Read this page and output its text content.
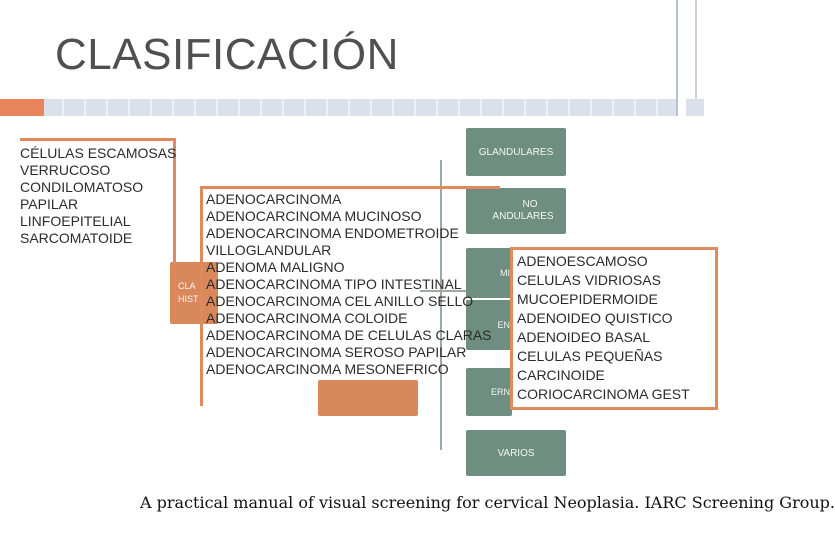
CLASIFICACIÓN
GLANDULARES
NO
ANDULARES
MI
EN
ERN
VARIOS
CLA
HIST
CÉLULAS ESCAMOSAS
VERRUCOSO
CONDILOMATOSO
PAPILAR
LINFOEPITELIAL
SARCOMATOIDE
ADENOCARCINOMA
ADENOCARCINOMA MUCINOSO
ADENOCARCINOMA ENDOMETROIDE
VILLOGLANDULAR
ADENOMA MALIGNO
ADENOCARCINOMA TIPO INTESTINAL
ADENOCARCINOMA CEL ANILLO SELLO
ADENOCARCINOMA COLOIDE
ADENOCARCINOMA DE CELULAS CLARAS
ADENOCARCINOMA SEROSO PAPILAR
ADENOCARCINOMA MESONEFRICO
ADENOESCAMOSO
CELULAS VIDRIOSAS
MUCOEPIDERMOIDE
ADENOIDEO QUISTICO
ADENOIDEO BASAL
CELULAS PEQUEÑAS
CARCINOIDE
CORIOCARCINOMA GEST
A practical manual of visual screening for cervical Neoplasia. IARC Screening Group.
